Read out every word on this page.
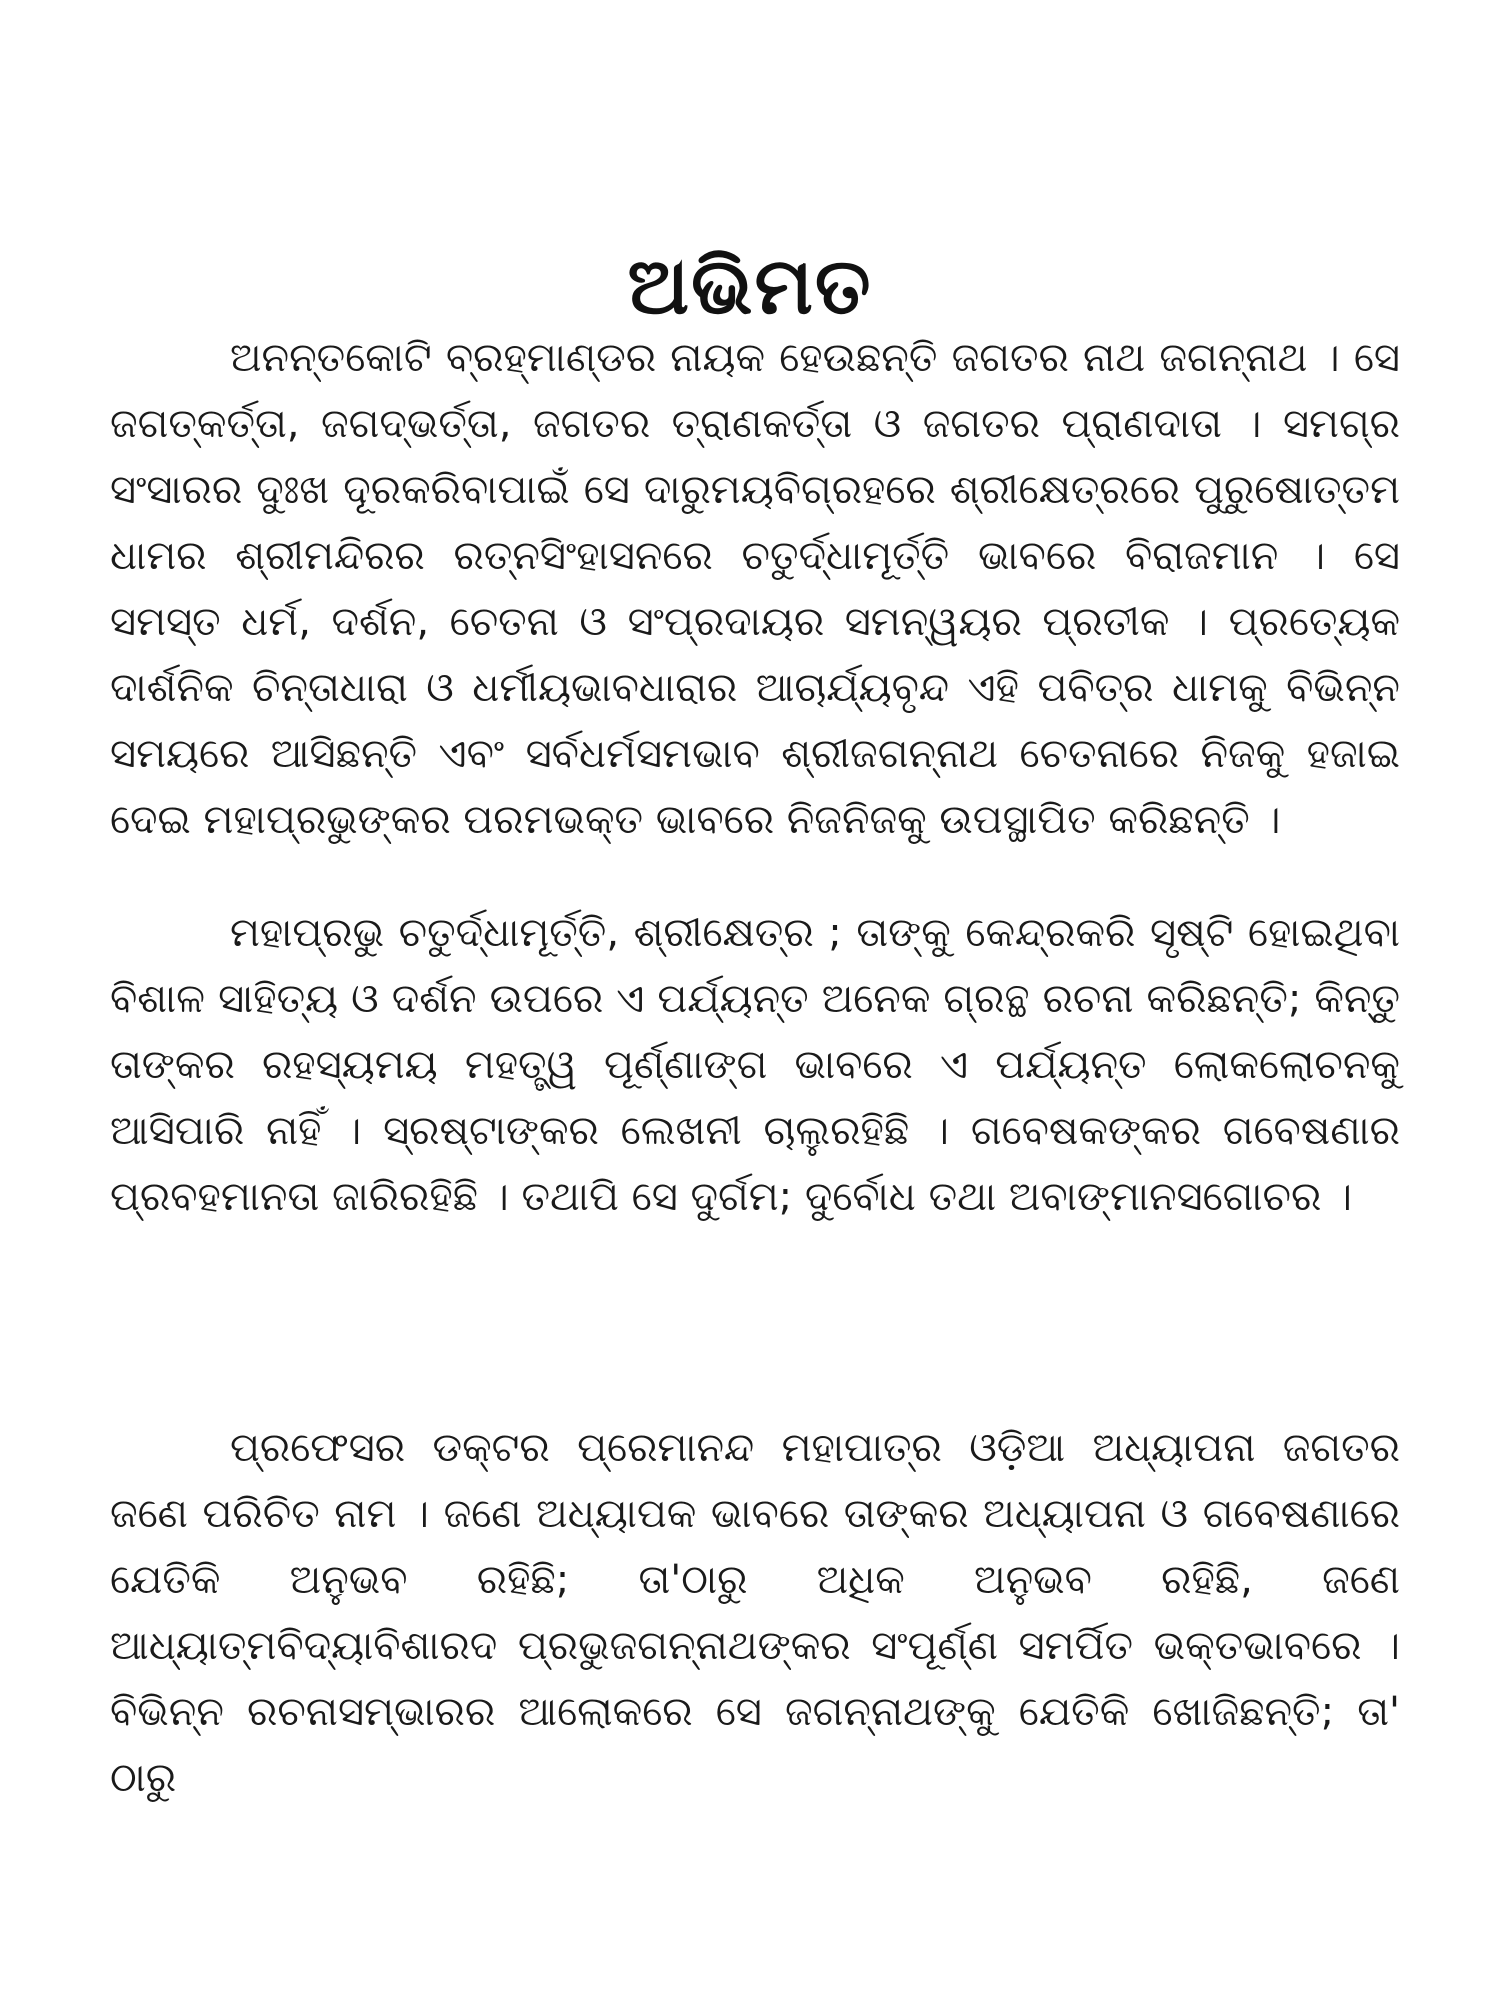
ଅଭିମତ

ଅନନ୍ତକୋଟି ବ୍ରହ୍ମାଣ୍ଡର ନାୟକ ହେଉଛନ୍ତି ଜଗତର ନାଥ ଜଗନ୍ନାଥ । ସେ ଜଗତ୍କର୍ତ୍ତା, ଜଗଦ୍ଭର୍ତ୍ତା, ଜଗତର ତ୍ରାଣକର୍ତ୍ତା ଓ ଜଗତର ପ୍ରାଣଦାତା । ସମଗ୍ର ସଂସାରର ଦୁଃଖ ଦୂରକରିବାପାଇଁ ସେ ଦାରୁମୟବିଗ୍ରହରେ ଶ୍ରୀକ୍ଷେତ୍ରରେ ପୁରୁଷୋତ୍ତମ ଧାମର ଶ୍ରୀମନ୍ଦିରର ରତ୍ନସିଂହାସନରେ ଚତୁର୍ଦ୍ଧାମୂର୍ତ୍ତି ଭାବରେ ବିରାଜମାନ । ସେ ସମସ୍ତ ଧର୍ମ, ଦର୍ଶନ, ଚେତନା ଓ ସଂପ୍ରଦାୟର ସମନ୍ୱୟର ପ୍ରତୀକ । ପ୍ରତ୍ୟେକ ଦାର୍ଶନିକ ଚିନ୍ତାଧାରା ଓ ଧର୍ମୀୟଭାବଧାରାର ଆଚାର୍ଯ୍ୟବୃନ୍ଦ ଏହି ପବିତ୍ର ଧାମକୁ ବିଭିନ୍ନ ସମୟରେ ଆସିଛନ୍ତି ଏବଂ ସର୍ବଧର୍ମସମଭାବ ଶ୍ରୀଜଗନ୍ନାଥ ଚେତନାରେ ନିଜକୁ ହଜାଇ ଦେଇ ମହାପ୍ରଭୁଙ୍କର ପରମଭକ୍ତ ଭାବରେ ନିଜନିଜକୁ ଉପସ୍ଥାପିତ କରିଛନ୍ତି ।

ମହାପ୍ରଭୁ ଚତୁର୍ଦ୍ଧାମୂର୍ତ୍ତି, ଶ୍ରୀକ୍ଷେତ୍ର ; ତାଙ୍କୁ କେନ୍ଦ୍ରକରି ସୃଷ୍ଟି ହୋଇଥିବା ବିଶାଳ ସାହିତ୍ୟ ଓ ଦର୍ଶନ ଉପରେ ଏ ପର୍ଯ୍ୟନ୍ତ ଅନେକ ଗ୍ରନ୍ଥ ରଚନା କରିଛନ୍ତି; କିନ୍ତୁ ତାଙ୍କର ରହସ୍ୟମୟ ମହତ୍ତ୍ୱ ପୂର୍ଣ୍ଣାଙ୍ଗ ଭାବରେ ଏ ପର୍ଯ୍ୟନ୍ତ ଲୋକଲୋଚନକୁ ଆସିପାରି ନାହିଁ । ସ୍ରଷ୍ଟାଙ୍କର ଲେଖନୀ ଚାଲୁରହିଛି । ଗବେଷକଙ୍କର ଗବେଷଣାର ପ୍ରବହମାନତା ଜାରିରହିଛି । ତଥାପି ସେ ଦୁର୍ଗମ; ଦୁର୍ବୋଧ ତଥା ଅବାଙ୍ମାନସଗୋଚର ।

ପ୍ରଫେସର ଡକ୍ଟର ପ୍ରେମାନନ୍ଦ ମହାପାତ୍ର ଓଡ଼ିଆ ଅଧ୍ୟାପନା ଜଗତର ଜଣେ ପରିଚିତ ନାମ । ଜଣେ ଅଧ୍ୟାପକ ଭାବରେ ତାଙ୍କର ଅଧ୍ୟାପନା ଓ ଗବେଷଣାରେ ଯେତିକି ଅନୁଭବ ରହିଛି; ତା'ଠାରୁ ଅଧିକ ଅନୁଭବ ରହିଛି, ଜଣେ ଆଧ୍ୟାତ୍ମବିଦ୍ୟାବିଶାରଦ ପ୍ରଭୁଜଗନ୍ନାଥଙ୍କର ସଂପୂର୍ଣ୍ଣ ସମର୍ପିତ ଭକ୍ତଭାବରେ । ବିଭିନ୍ନ ରଚନାସମ୍ଭାରର ଆଲୋକରେ ସେ ଜଗନ୍ନାଥଙ୍କୁ ଯେତିକି ଖୋଜିଛନ୍ତି; ତା' ଠାରୁ
